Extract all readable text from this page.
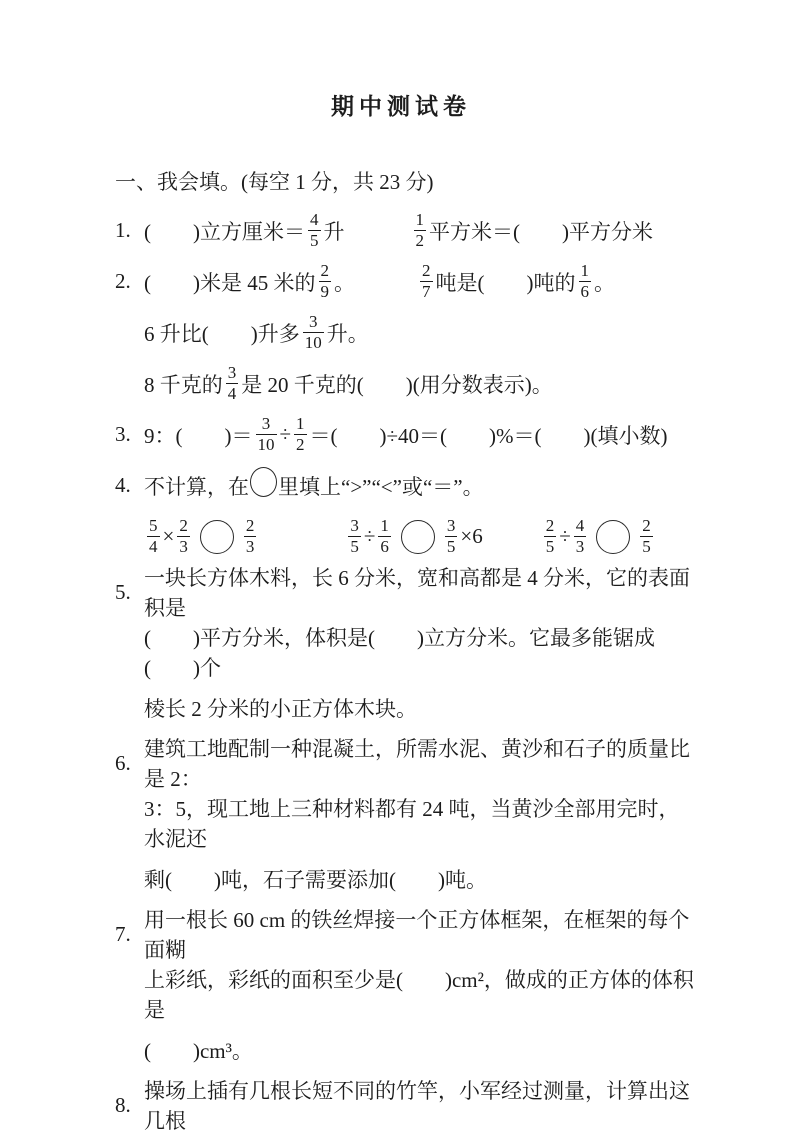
期中测试卷
一、我会填。(每空 1 分，共 23 分)
1. (　　)立方厘米＝ $\frac{4}{5}$ 升	$\frac{1}{2}$ 平方米＝(　　)平方分米
2. (　　)米是 45 米的 $\frac{2}{9}$ 。	$\frac{2}{7}$ 吨是(　　)吨的 $\frac{1}{6}$ 。
6 升比(　　)升多 $\frac{3}{10}$ 升。
8 千克的 $\frac{3}{4}$ 是 20 千克的(　　)(用分数表示)。
3. 9：(　　)＝ $\frac{3}{10} \div \frac{1}{2}$ ＝(　　)÷40＝(　　)%＝(　　)(填小数)
4. 不计算，在 里填上“>”“<”或“＝”。
$\frac{5}{4} \times \frac{2}{3}$	$\frac{2}{3}$	$\frac{3}{5} \div \frac{1}{6}$	$\frac{3}{5} \times 6$	$\frac{2}{5} \div \frac{4}{3}$	$\frac{2}{5}$
5.
一块长方体木料，长 6 分米，宽和高都是 4 分米，它的表面积是
(　　)平方分米，体积是(　　)立方分米。它最多能锯成(　　)个
棱长 2 分米的小正方体木块。
6.
建筑工地配制一种混凝土，所需水泥、黄沙和石子的质量比是 2：
3：5，现工地上三种材料都有 24 吨，当黄沙全部用完时，水泥还
剩(　　)吨，石子需要添加(　　)吨。
7.
用一根长 60 cm 的铁丝焊接一个正方体框架，在框架的每个面糊
上彩纸，彩纸的面积至少是(　　)cm²，做成的正方体的体积是
(　　)cm³。
8.
操场上插有几根长短不同的竹竿，小军经过测量，计算出这几根
